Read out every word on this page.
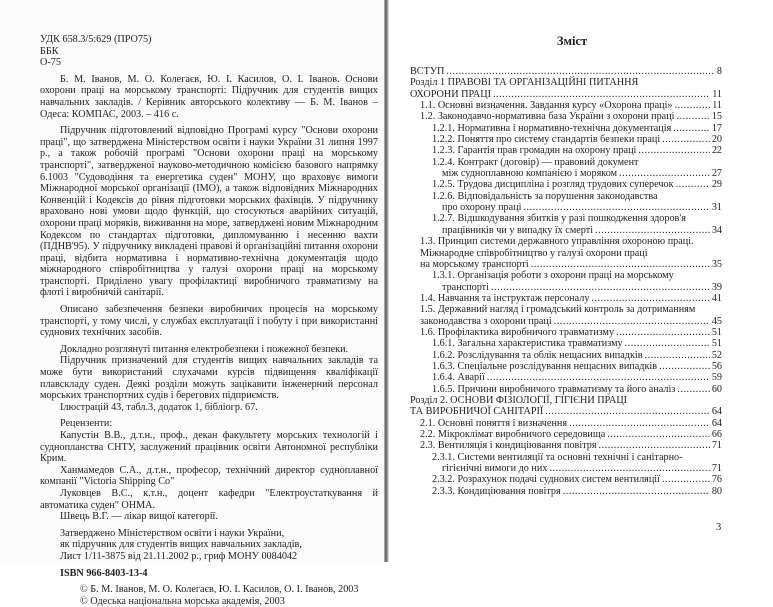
УДК 658.3/5:629 (ПРО75)

ББК

О-75

Б. М. Іванов, М. О. Колегаєв, Ю. І. Касилов, О. І. Іванов. Основи охорони праці на морському транспорті: Підручник для студентів вищих навчальних закладів. / Керівник авторського колективу — Б. М. Іванов – Одеса: КОМПАС, 2003. – 416 с.

Підручник підготовлений відповідно Програмі курсу "Основи охорони праці", що затверджена Міністерством освіти і науки України 31 липня 1997 р., а також робочій програмі "Основи охорони праці на морському транспорті", затвердженої науково-методичною комісією базового напрямку 6.1003 "Судоводіння та енергетика суден" МОНУ, що враховує вимоги Міжнародної морської організації (ІМО), а також відповідних Міжнародних Конвенцій і Кодексів до рівня підготовки морських фахівців. У підручнику враховано нові умови щодо функцій, що стосуються аварійних ситуацій, охорони праці моряків, виживання на море, затверджені новим Міжнародним Кодексом по стандартах підготовки, дипломуванню і несенню вахти (ПДНВ'95). У підручнику викладені правові й організаційні питання охорони праці, відбита нормативна і нормативно-технічна документація щодо міжнародного співробітництва у галузі охорони праці на морському транспорті. Приділено увагу профілактиці виробничого травматизму на флоті і виробничій санітарії.

Описано забезпечення безпеки виробничих процесів на морському транспорті, у тому числі, у службах експлуатації і побуту і при використанні суднових технічних засобів.

Докладно розглянуті питання електробезпеки і пожежної безпеки.

Підручник призначений для студентів вищих навчальних закладів та може бути використаний слухачами курсів підвищення кваліфікації плавскладу суден. Деякі розділи можуть зацікавити інженерний персонал морських транспортних судів і берегових підприємств.

Ілюстрацій 43, табл.3, додаток 1, бібліогр. 67.

Рецензенти:

Капустін В.В., д.т.н., проф., декан факультету морських технологій і суднопланства СНТУ, заслужений працівник освіти Автономної республіки Крим.

Ханмамедов С.А., д.т.н., професор, технічний директор судноплавної компанії "Victoria Shipping Co"

Луковцев В.С., к.т.н., доцент кафедри "Електроустаткування й автоматика суден" ОНМА.

Швець В.Г. — лікар вищої категорії.

Затверджено Міністерством освіти і науки України,

як підручник для студентів вищих навчальних закладів,

Лист 1/11-3875 від 21.11.2002 р., гриф МОНУ 0084042

ISBN 966-8403-13-4

© Б. М. Іванов, М. О. Колегаєв, Ю. І. Касилов, О. І. Іванов, 2003

© Одеська національна морська академія, 2003

Зміст
ВСТУП .....	8
Розділ 1 ПРАВОВІ ТА ОРГАНІЗАЦІЙНІ ПИТАННЯ
ОХОРОНИ ПРАЦІ .....	11
1.1. Основні визначення. Завдання курсу «Охорона праці» .....	11
1.2. Законодавчо-нормативна база України з охорони праці .....	15
1.2.1. Нормативна і нормативно-технічна документація .....	17
1.2.2. Поняття про систему стандартів безпеки праці .....	20
1.2.3. Гарантія прав громадян на охорону праці .....	22
1.2.4. Контракт (договір) — правовий документ
між судноплавною компанією і моряком .....	27
1.2.5. Трудова дисципліна і розгляд трудових суперечок .....	29
1.2.6. Відповідальність за порушення законодавства
про охорону праці .....	31
1.2.7. Відшкодування збитків у разі пошкодження здоров'я
працівників чи у випадку їх смерті .....	34
1.3. Принцип системи державного управління охороною праці.
Міжнародне співробітництво у галузі охорони праці
на морському транспорті .....	35
1.3.1. Організація роботи з охорони праці на морському
транспорті .....	39
1.4. Навчання та інструктаж персоналу .....	41
1.5. Державний нагляд і громадський контроль за дотриманням
законодавства з охорони праці .....	45
1.6. Профілактика виробничого травматизму .....	51
1.6.1. Загальна характеристика травматизму .....	51
1.6.2. Розслідування та облік нещасних випадків .....	52
1.6.3. Спеціальне розслідування нещасних випадків .....	56
1.6.4. Аварії .....	59
1.6.5. Причини виробничого травматизму та його аналіз .....	60
Розділ 2. ОСНОВИ ФІЗІОЛОГІЇ, ГІГІЄНИ ПРАЦІ
ТА ВИРОБНИЧОЇ САНІТАРІЇ .....	64
2.1. Основні поняття і визначення .....	64
2.2. Мікроклімат виробничого середовища .....	66
2.3. Вентиляція і кондиціювання повітря .....	71
2.3.1. Системи вентиляції та основні технічні і санітарно-
гігієнічні вимоги до них .....	71
2.3.2. Розрахунок подачі суднових систем вентиляції .....	76
2.3.3. Кондиціювання повітря .....	80
3
